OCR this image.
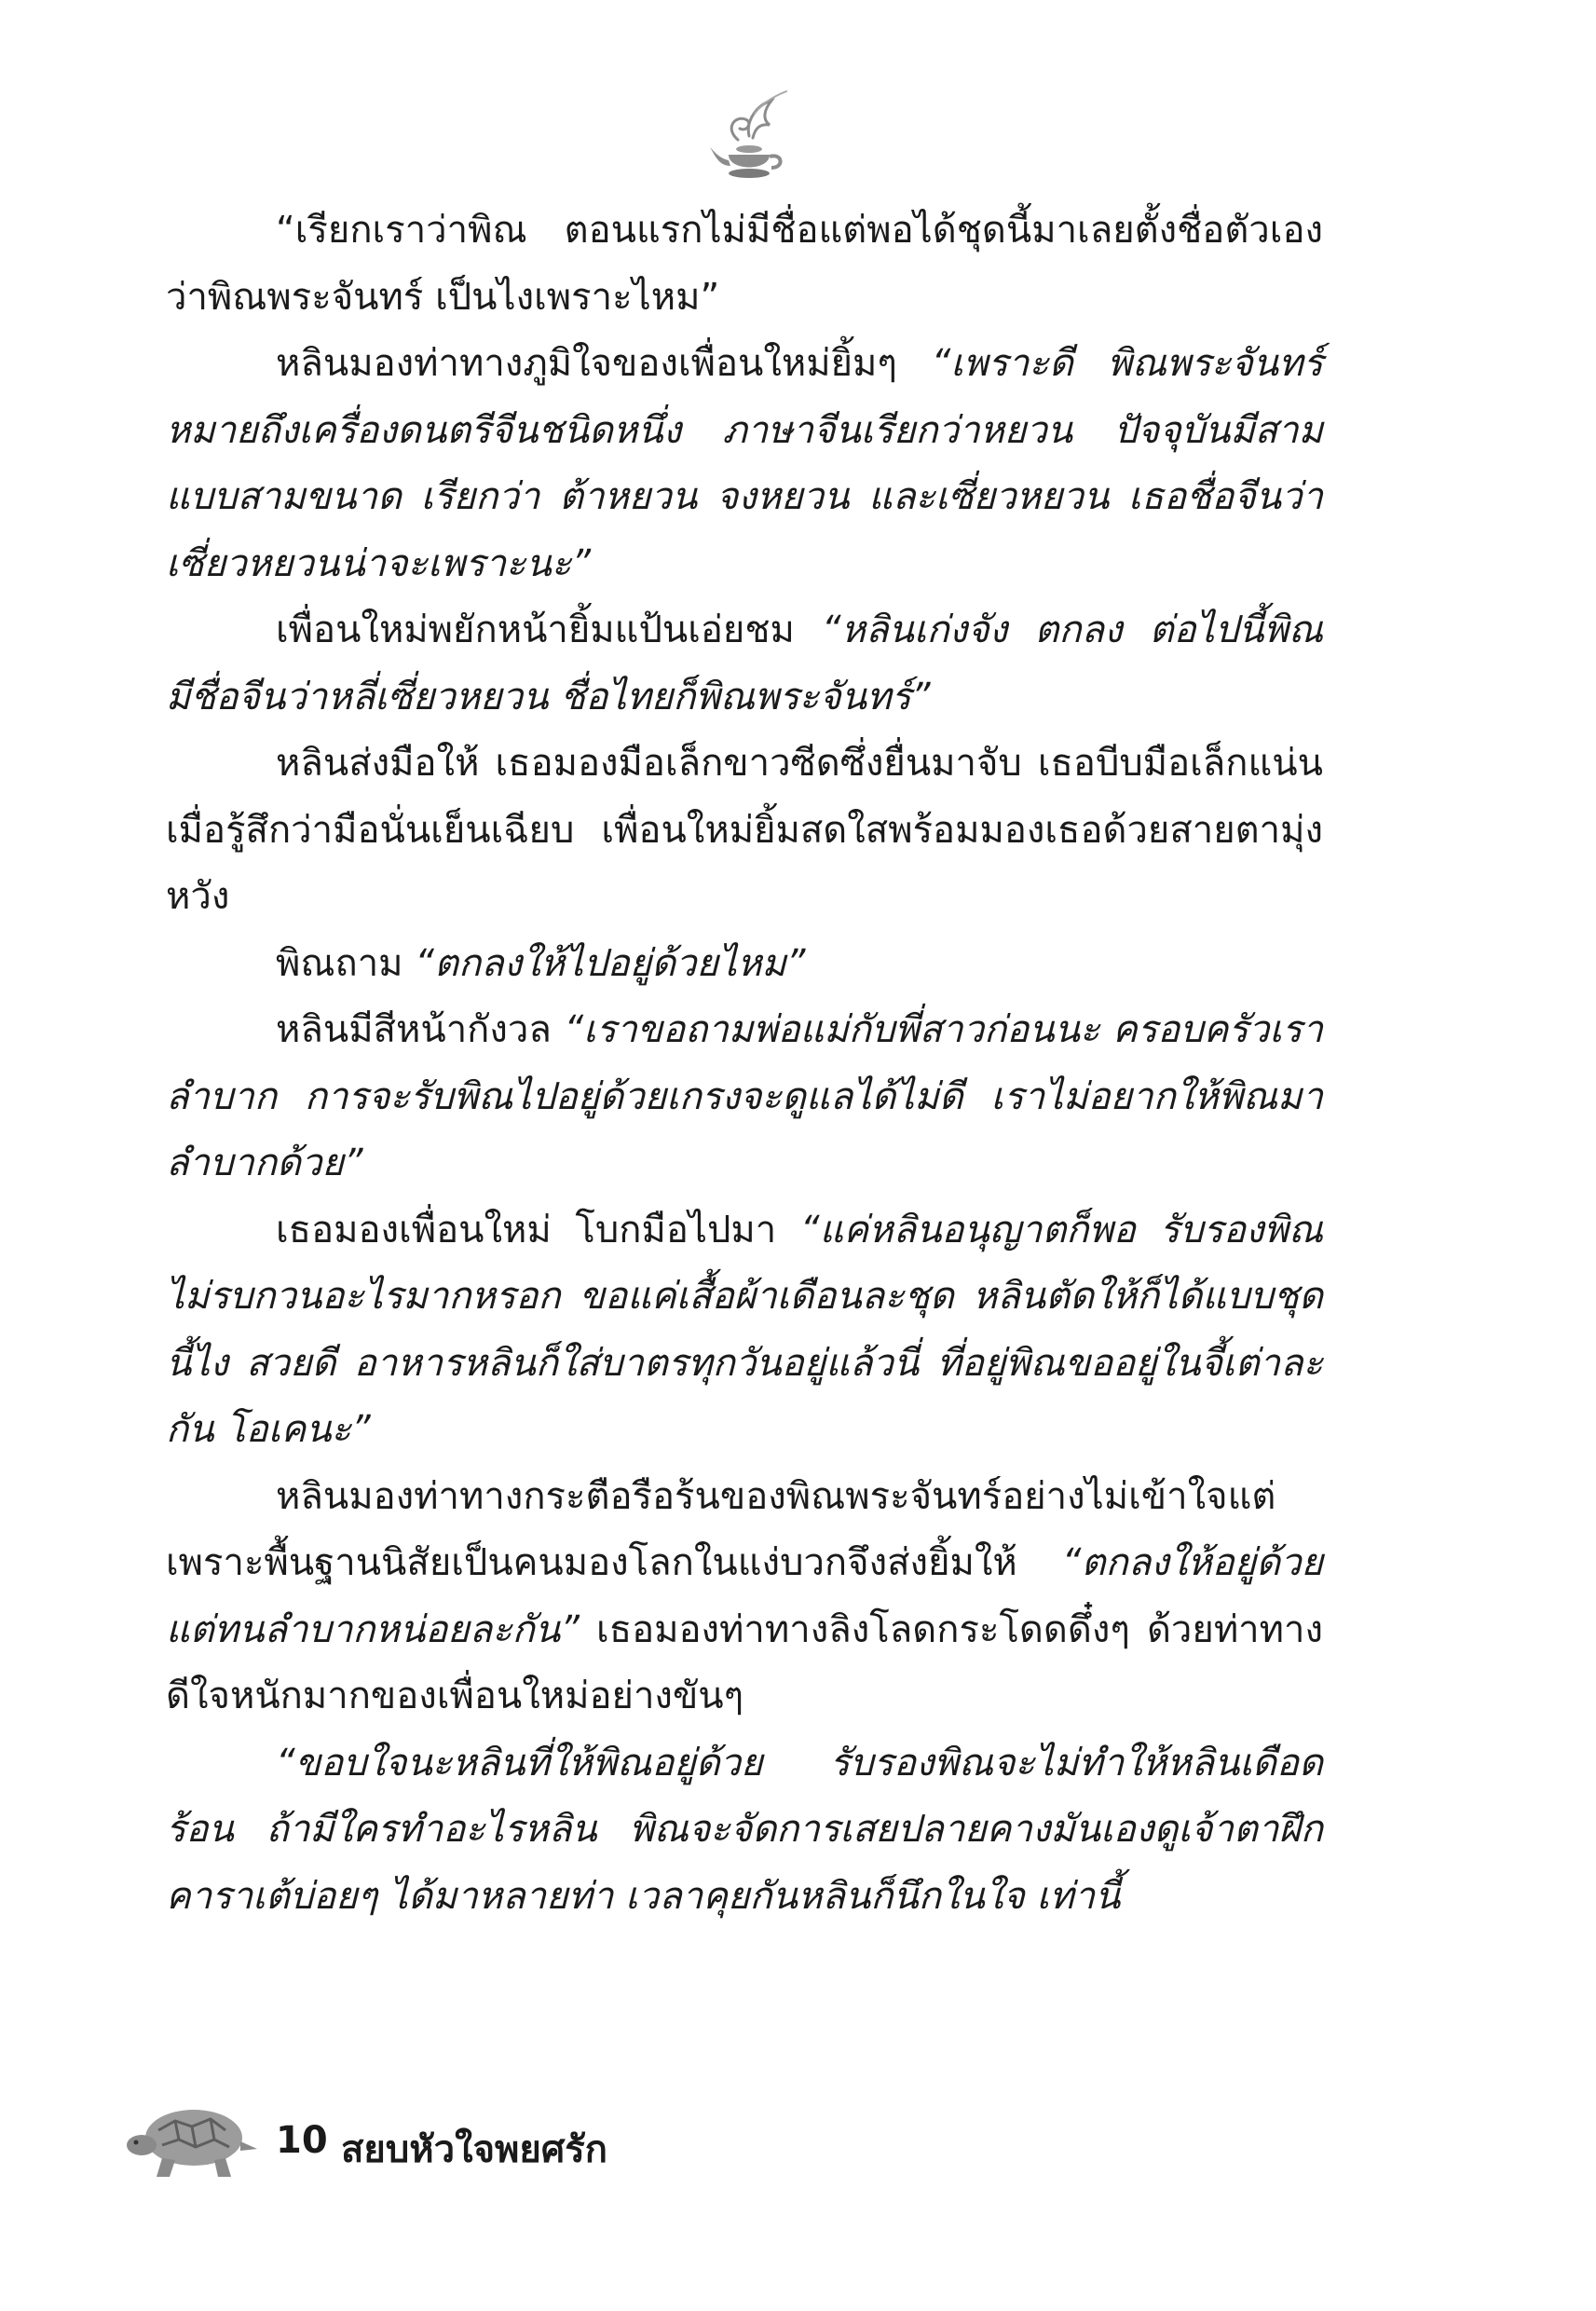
“เรียกเราว่าพิณ ตอนแรกไม่มีชื่อแต่พอได้ชุดนี้มาเลยตั้งชื่อตัวเองว่าพิณพระจันทร์ เป็นไงเพราะไหม”

หลินมองท่าทางภูมิใจของเพื่อนใหม่ยิ้มๆ “เพราะดี พิณพระจันทร์หมายถึงเครื่องดนตรีจีนชนิดหนึ่ง ภาษาจีนเรียกว่าหยวน ปัจจุบันมีสามแบบสามขนาด เรียกว่า ต้าหยวน จงหยวน และเซี่ยวหยวน เธอชื่อจีนว่าเซี่ยวหยวนน่าจะเพราะนะ”

เพื่อนใหม่พยักหน้ายิ้มแป้นเอ่ยชม “หลินเก่งจัง ตกลง ต่อไปนี้พิณมีชื่อจีนว่าหลี่เซี่ยวหยวน ชื่อไทยก็พิณพระจันทร์”

หลินส่งมือให้ เธอมองมือเล็กขาวซีดซึ่งยื่นมาจับ เธอบีบมือเล็กแน่นเมื่อรู้สึกว่ามือนั่นเย็นเฉียบ เพื่อนใหม่ยิ้มสดใสพร้อมมองเธอด้วยสายตามุ่งหวัง

พิณถาม “ตกลงให้ไปอยู่ด้วยไหม”

หลินมีสีหน้ากังวล “เราขอถามพ่อแม่กับพี่สาวก่อนนะ ครอบครัวเราลำบาก การจะรับพิณไปอยู่ด้วยเกรงจะดูแลได้ไม่ดี เราไม่อยากให้พิณมาลำบากด้วย”

เธอมองเพื่อนใหม่ โบกมือไปมา “แค่หลินอนุญาตก็พอ รับรองพิณไม่รบกวนอะไรมากหรอก ขอแค่เสื้อผ้าเดือนละชุด หลินตัดให้ก็ได้แบบชุดนี้ไง สวยดี อาหารหลินก็ใส่บาตรทุกวันอยู่แล้วนี่ ที่อยู่พิณขออยู่ในจี้เต่าละกัน โอเคนะ”

หลินมองท่าทางกระตือรือร้นของพิณพระจันทร์อย่างไม่เข้าใจแต่เพราะพื้นฐานนิสัยเป็นคนมองโลกในแง่บวกจึงส่งยิ้มให้ “ตกลงให้อยู่ด้วยแต่ทนลำบากหน่อยละกัน” เธอมองท่าทางลิงโลดกระโดดดึ๋งๆ ด้วยท่าทางดีใจหนักมากของเพื่อนใหม่อย่างขันๆ

“ขอบใจนะหลินที่ให้พิณอยู่ด้วย รับรองพิณจะไม่ทำให้หลินเดือดร้อน ถ้ามีใครทำอะไรหลิน พิณจะจัดการเสยปลายคางมันเองดูเจ้าตาฝึกคาราเต้บ่อยๆ ได้มาหลายท่า เวลาคุยกันหลินก็นึกในใจ เท่านี้

10 สยบหัวใจพยศรัก
